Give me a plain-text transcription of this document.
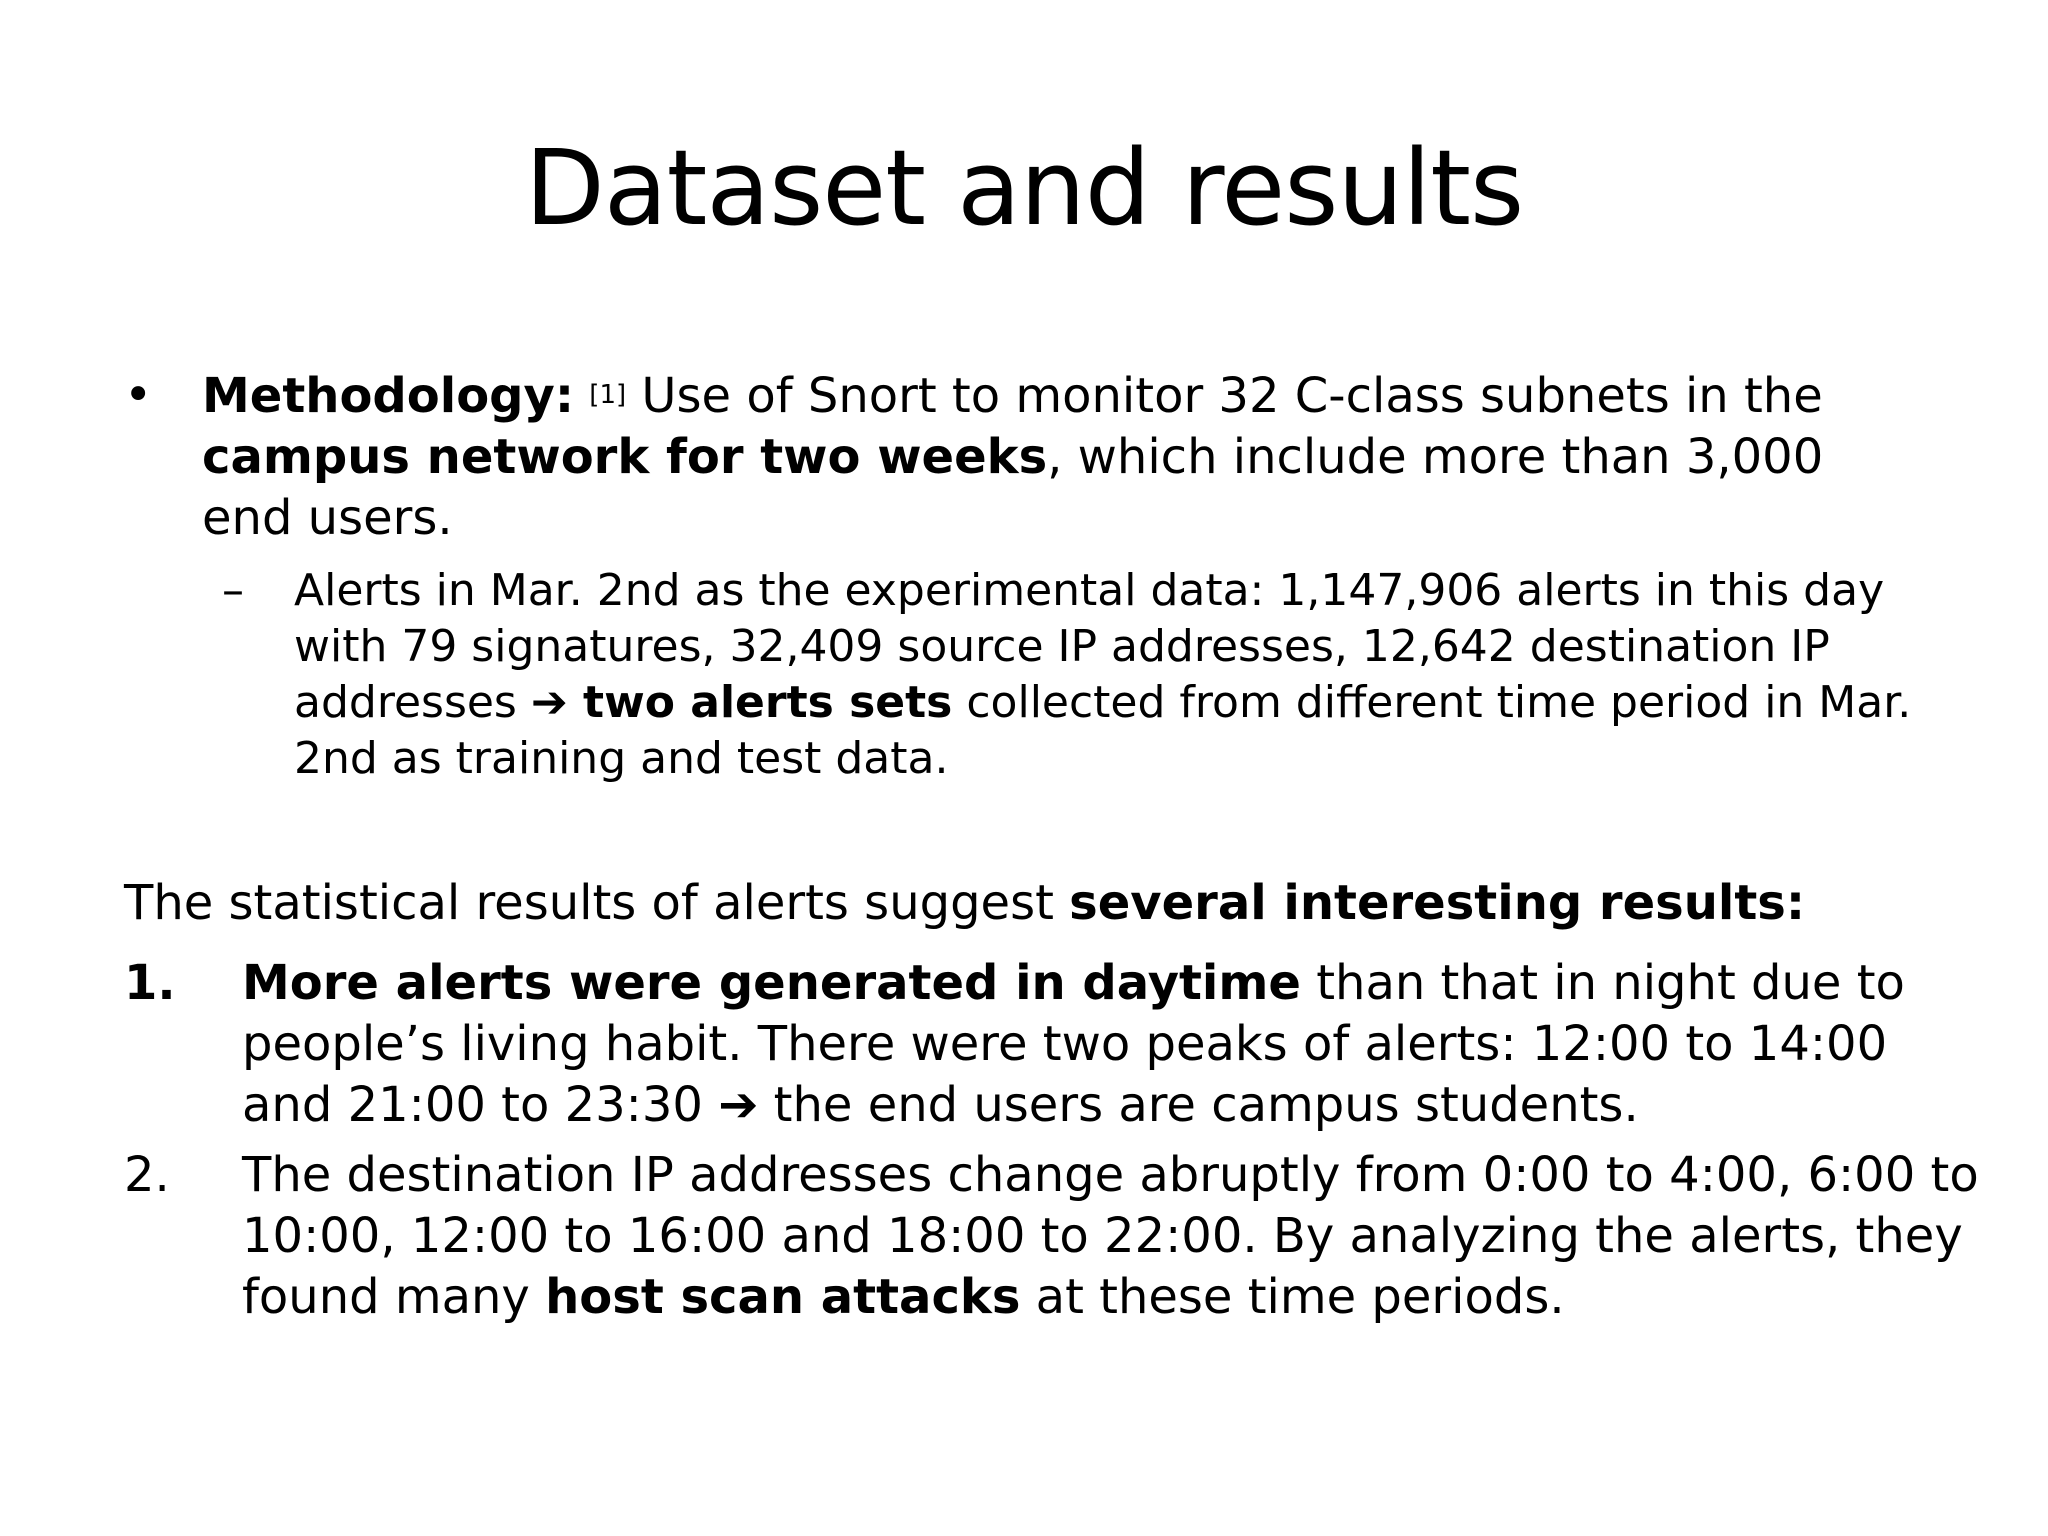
Dataset and results
•	Methodology: [1] Use of Snort to monitor 32 C-class subnets in the campus network for two weeks, which include more than 3,000 end users.
–	Alerts in Mar. 2nd as the experimental data: 1,147,906 alerts in this day with 79 signatures, 32,409 source IP addresses, 12,642 destination IP addresses ➔ two alerts sets collected from different time period in Mar. 2nd as training and test data.
The statistical results of alerts suggest several interesting results:
1.	More alerts were generated in daytime than that in night due to people’s living habit. There were two peaks of alerts: 12:00 to 14:00 and 21:00 to 23:30 ➔ the end users are campus students.
2.	The destination IP addresses change abruptly from 0:00 to 4:00, 6:00 to 10:00, 12:00 to 16:00 and 18:00 to 22:00. By analyzing the alerts, they found many host scan attacks at these time periods.
